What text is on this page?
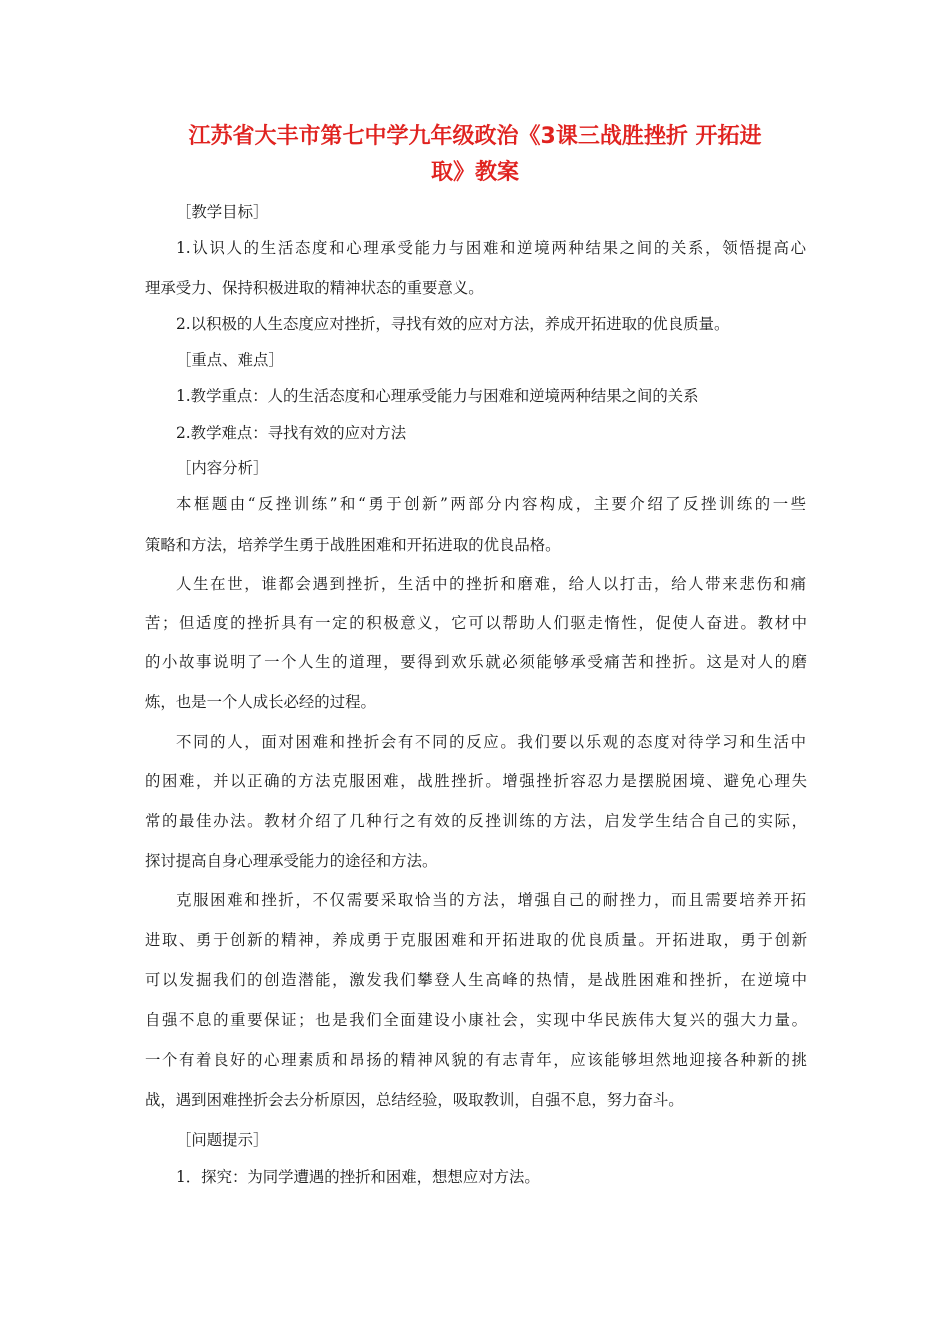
江苏省大丰市第七中学九年级政治《3课三战胜挫折 开拓进
取》教案
［教学目标］
1.认识人的生活态度和心理承受能力与困难和逆境两种结果之间的关系，领悟提高心
理承受力、保持积极进取的精神状态的重要意义。
2.以积极的人生态度应对挫折，寻找有效的应对方法，养成开拓进取的优良质量。
［重点、难点］
1.教学重点：人的生活态度和心理承受能力与困难和逆境两种结果之间的关系
2.教学难点：寻找有效的应对方法
［内容分析］
本框题由“反挫训练”和“勇于创新”两部分内容构成，主要介绍了反挫训练的一些
策略和方法，培养学生勇于战胜困难和开拓进取的优良品格。
人生在世，谁都会遇到挫折，生活中的挫折和磨难，给人以打击，给人带来悲伤和痛
苦；但适度的挫折具有一定的积极意义，它可以帮助人们驱走惰性，促使人奋进。教材中
的小故事说明了一个人生的道理，要得到欢乐就必须能够承受痛苦和挫折。这是对人的磨
炼，也是一个人成长必经的过程。
不同的人，面对困难和挫折会有不同的反应。我们要以乐观的态度对待学习和生活中
的困难，并以正确的方法克服困难，战胜挫折。增强挫折容忍力是摆脱困境、避免心理失
常的最佳办法。教材介绍了几种行之有效的反挫训练的方法，启发学生结合自己的实际，
探讨提高自身心理承受能力的途径和方法。
克服困难和挫折，不仅需要采取恰当的方法，增强自己的耐挫力，而且需要培养开拓
进取、勇于创新的精神，养成勇于克服困难和开拓进取的优良质量。开拓进取，勇于创新
可以发掘我们的创造潜能，激发我们攀登人生高峰的热情，是战胜困难和挫折，在逆境中
自强不息的重要保证；也是我们全面建设小康社会，实现中华民族伟大复兴的强大力量。
一个有着良好的心理素质和昂扬的精神风貌的有志青年，应该能够坦然地迎接各种新的挑
战，遇到困难挫折会去分析原因，总结经验，吸取教训，自强不息，努力奋斗。
［问题提示］
1．探究：为同学遭遇的挫折和困难，想想应对方法。
